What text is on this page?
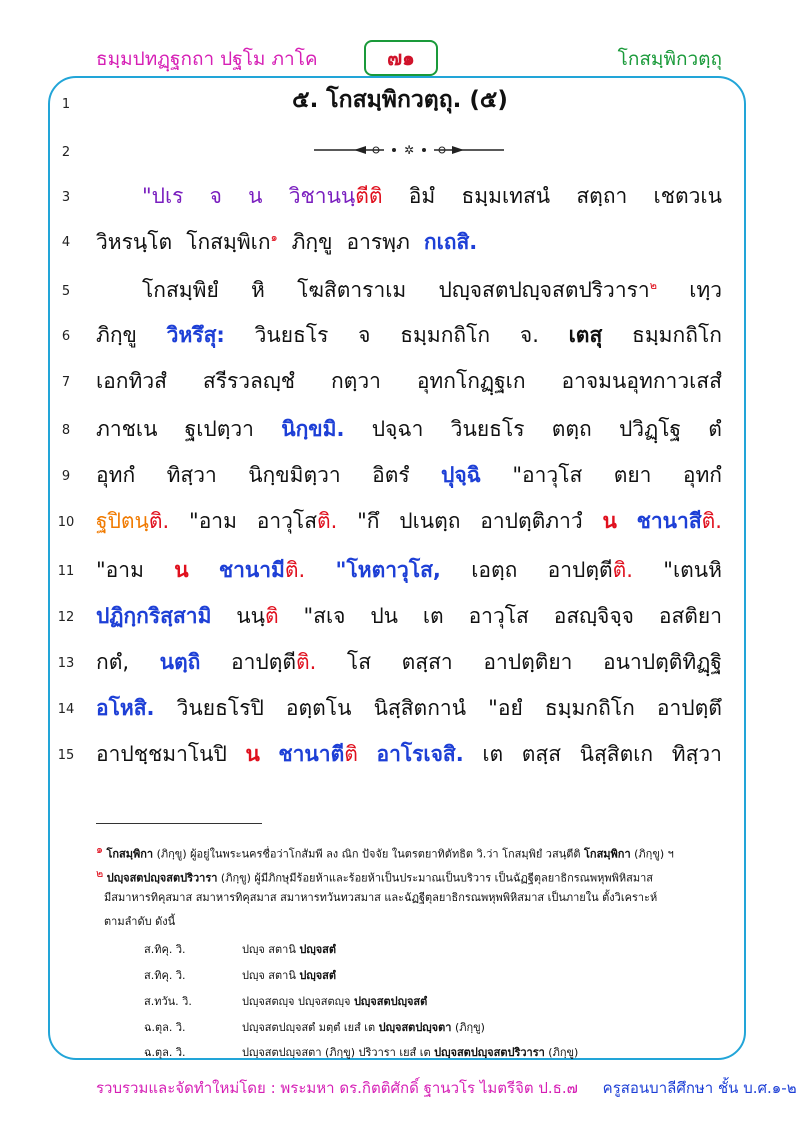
ธมฺมปทฏฺฐกถา ปฐโม ภาโค	๗๑	โกสมฺพิกวตฺถุ
๕. โกสมฺพิกวตฺถุ. (๕)
✲
1
2
3
4
5
6
7
8
9
10
11
12
13
14
15
"ปเร จ น วิชานนฺตีติ อิมํ ธมฺมเทสนํ สตฺถา เชตวเน
วิหรนฺโต โกสมฺพิเก$^๑$ ภิกฺขู อารพฺภ กเถสิ.
โกสมฺพิยํ หิ โฆสิตาราเม ปญฺจสตปญฺจสตปริวารา$^๒$ เทฺว
ภิกฺขู วิหรึสุ: วินยธโร จ ธมฺมกถิโก จ. เตสุ ธมฺมกถิโก
เอกทิวสํ สรีรวลญฺชํ กตฺวา อุทกโกฏฺฐเก อาจมนอุทกาวเสสํ
ภาชเน ฐเปตฺวา นิกฺขมิ. ปจฺฉา วินยธโร ตตฺถ ปวิฏฺโฐ ตํ
อุทกํ ทิสฺวา นิกฺขมิตฺวา อิตรํ ปุจฺฉิ "อาวุโส ตยา อุทกํ
ฐปิตนฺติ. "อาม อาวุโสติ. "กึ ปเนตฺถ อาปตฺติภาวํ น ชานาสีติ.
"อาม น ชานามีติ. "โหตาวุโส, เอตฺถ อาปตฺตีติ. "เตนหิ
ปฏิกฺกริสฺสามิ นนฺติ "สเจ ปน เต อาวุโส อสญฺจิจฺจ อสติยา
กตํ, นตฺถิ อาปตฺตีติ. โส ตสฺสา อาปตฺติยา อนาปตฺติทิฏฺฐิ
อโหสิ. วินยธโรปิ อตฺตโน นิสฺสิตกานํ "อยํ ธมฺมกถิโก อาปตฺตึ
อาปชฺชมาโนปิ น ชานาตีติ อาโรเจสิ. เต ตสฺส นิสฺสิตเก ทิสฺวา
$^๑$ โกสมฺพิกา (ภิกฺขู) ผู้อยู่ในพระนครชื่อว่าโกสัมพี ลง ณิก ปัจจัย ในตรตยาทิตัทธิต วิ.ว่า โกสมฺพิยํ วสนฺตีติ โกสมฺพิกา (ภิกฺขู) ฯ
$^๒$ ปญฺจสตปญฺจสตปริวารา (ภิกฺขู) ผู้มีภิกษุมีร้อยห้าและร้อยห้าเป็นประมาณเป็นบริวาร เป็นฉัฏฐีตุลยาธิกรณพหุพพิหิสมาส
มีสมาหารทิคุสมาส สมาหารทิคุสมาส สมาหารทวันทวสมาส และฉัฏฐีตุลยาธิกรณพหุพพิหิสมาส เป็นภายใน ตั้งวิเคราะห์
ตามลำดับ ดังนี้
ส.ทิคุ. วิ.	ปญฺจ สตานิ ปญฺจสตํ
ส.ทิคุ. วิ.	ปญฺจ สตานิ ปญฺจสตํ
ส.ทวัน. วิ.	ปญฺจสตญฺจ ปญฺจสตญฺจ ปญฺจสตปญฺจสตํ
ฉ.ตุล. วิ.	ปญฺจสตปญฺจสตํ มตฺตํ เยสํ เต ปญฺจสตปญฺจตา (ภิกฺขู)
ฉ.ตุล. วิ.	ปญฺจสตปญฺจสตา (ภิกฺขู) ปริวารา เยสํ เต ปญฺจสตปญฺจสตปริวารา (ภิกฺขู)
รวบรวมและจัดทำใหม่โดย : พระมหา ดร.กิตติศักดิ์ ฐานวโร ไมตรีจิต ป.ธ.๗ ครูสอนบาลีศึกษา ชั้น บ.ศ.๑-๒
